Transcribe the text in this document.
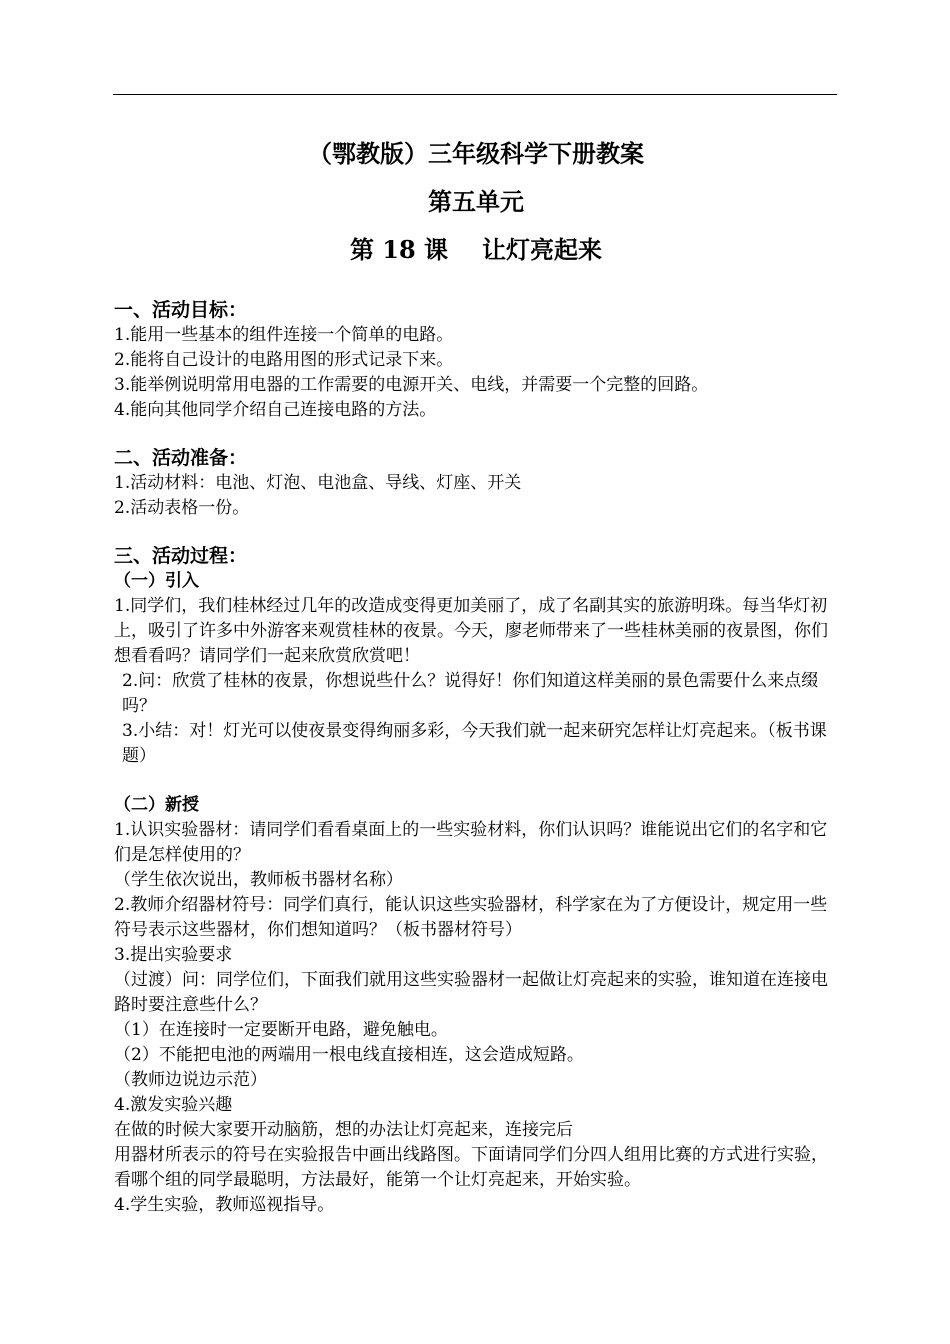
（鄂教版）三年级科学下册教案
第五单元
第 18 课 让灯亮起来
一、活动目标：

1.能用一些基本的组件连接一个简单的电路。

2.能将自己设计的电路用图的形式记录下来。

3.能举例说明常用电器的工作需要的电源开关、电线，并需要一个完整的回路。

4.能向其他同学介绍自己连接电路的方法。

二、活动准备：

1.活动材料：电池、灯泡、电池盒、导线、灯座、开关

2.活动表格一份。

三、活动过程：
（一）引入

1.同学们，我们桂林经过几年的改造成变得更加美丽了，成了名副其实的旅游明珠。每当华灯初上，吸引了许多中外游客来观赏桂林的夜景。今天，廖老师带来了一些桂林美丽的夜景图，你们想看看吗？请同学们一起来欣赏欣赏吧！

2.问：欣赏了桂林的夜景，你想说些什么？说得好！你们知道这样美丽的景色需要什么来点缀吗？

3.小结：对！灯光可以使夜景变得绚丽多彩，今天我们就一起来研究怎样让灯亮起来。（板书课题）

（二）新授

1.认识实验器材：请同学们看看桌面上的一些实验材料，你们认识吗？谁能说出它们的名字和它们是怎样使用的？

（学生依次说出，教师板书器材名称）

2.教师介绍器材符号：同学们真行，能认识这些实验器材，科学家在为了方便设计，规定用一些符号表示这些器材，你们想知道吗？（板书器材符号）

3.提出实验要求

（过渡）问：同学位们，下面我们就用这些实验器材一起做让灯亮起来的实验，谁知道在连接电路时要注意些什么？

（1）在连接时一定要断开电路，避免触电。

（2）不能把电池的两端用一根电线直接相连，这会造成短路。

（教师边说边示范）

4.激发实验兴趣

在做的时候大家要开动脑筋，想的办法让灯亮起来，连接完后

用器材所表示的符号在实验报告中画出线路图。下面请同学们分四人组用比赛的方式进行实验，看哪个组的同学最聪明，方法最好，能第一个让灯亮起来，开始实验。

4.学生实验，教师巡视指导。
